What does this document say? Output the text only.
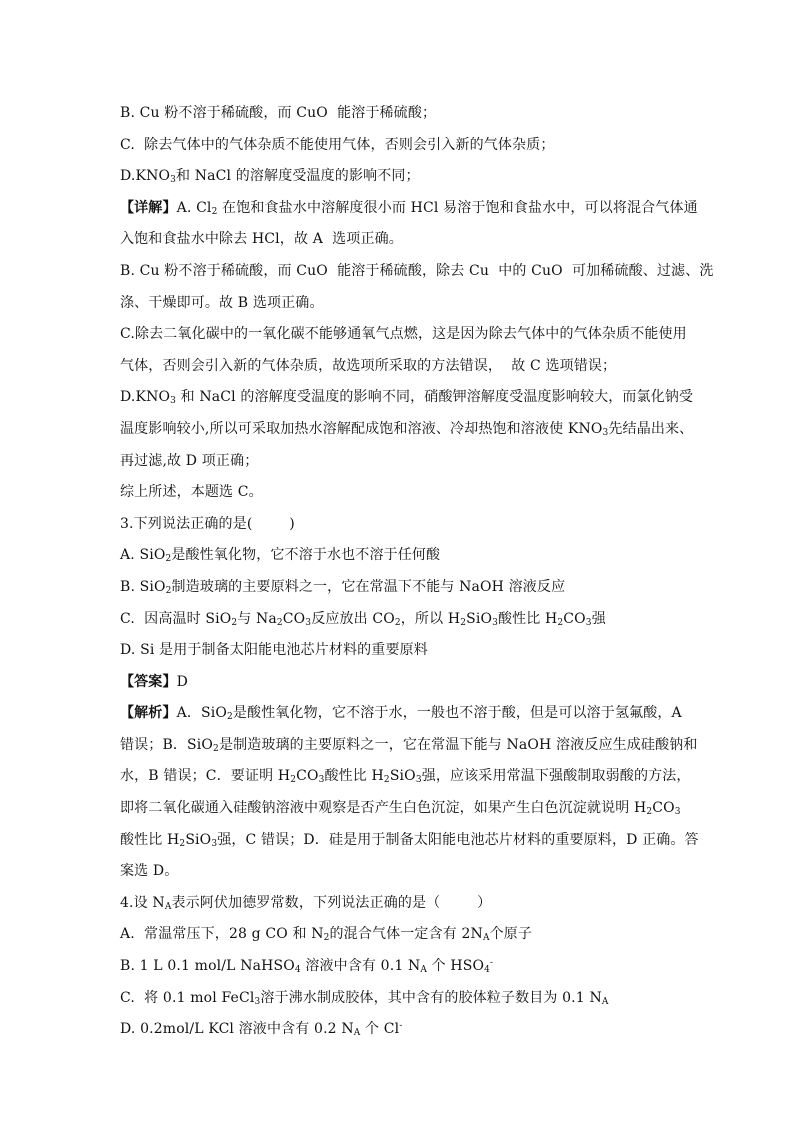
B. Cu 粉不溶于稀硫酸，而 CuO  能溶于稀硫酸；
C.  除去气体中的气体杂质不能使用气体，否则会引入新的气体杂质；
$D.KNO_3$和 NaCl 的溶解度受温度的影响不同；
【详解】A. $Cl_2$ 在饱和食盐水中溶解度很小而 HCl 易溶于饱和食盐水中，可以将混合气体通
入饱和食盐水中除去 HCl，故 A  选项正确。
B. Cu 粉不溶于稀硫酸，而 CuO  能溶于稀硫酸，除去 Cu  中的 CuO  可加稀硫酸、过滤、洗
涤、干燥即可。故 B 选项正确。
C.除去二氧化碳中的一氧化碳不能够通氧气点燃，这是因为除去气体中的气体杂质不能使用
气体，否则会引入新的气体杂质，故选项所采取的方法错误，  故 C 选项错误；
$D.KNO_3$ 和 NaCl 的溶解度受温度的影响不同，硝酸钾溶解度受温度影响较大，而氯化钠受
温度影响较小,所以可采取加热水溶解配成饱和溶液、冷却热饱和溶液使 $KNO_3$先结晶出来、
再过滤,故 D 项正确；
综上所述，本题选 C。
3.下列说法正确的是(        )
A. SiO$_2$是酸性氧化物，它不溶于水也不溶于任何酸
B. SiO$_2$制造玻璃的主要原料之一，它在常温下不能与 NaOH 溶液反应
C.  因高温时 SiO$_2$与 $Na_2CO_3$反应放出 $CO_2$，所以 $H_2SiO_3$酸性比 $H_2CO_3$强
D. Si 是用于制备太阳能电池芯片材料的重要原料
【答案】D
【解析】A．SiO$_2$是酸性氧化物，它不溶于水，一般也不溶于酸，但是可以溶于氢氟酸，A
错误；B．SiO$_2$是制造玻璃的主要原料之一，它在常温下能与 NaOH 溶液反应生成硅酸钠和
水，B 错误；C．要证明 $H_2CO_3$酸性比 $H_2SiO_3$强，应该采用常温下强酸制取弱酸的方法，
即将二氧化碳通入硅酸钠溶液中观察是否产生白色沉淀，如果产生白色沉淀就说明 $H_2CO_3$
酸性比 $H_2SiO_3$强，C 错误；D．硅是用于制备太阳能电池芯片材料的重要原料，D 正确。答
案选 D。
4.设 $N_A$表示阿伏加德罗常数，下列说法正确的是（        ）
A.  常温常压下，28 g CO 和 $N_2$的混合气体一定含有 $2N_A$个原子
B. 1 L 0.1 mol/L NaHSO$_4$ 溶液中含有 0.1 $N_A$ 个 $HSO_4^-$
C.  将 0.1 mol FeCl$_3$溶于沸水制成胶体，其中含有的胶体粒子数目为 0.1 $N_A$
D. 0.2mol/L KCl 溶液中含有 0.2 $N_A$ 个 Cl-
